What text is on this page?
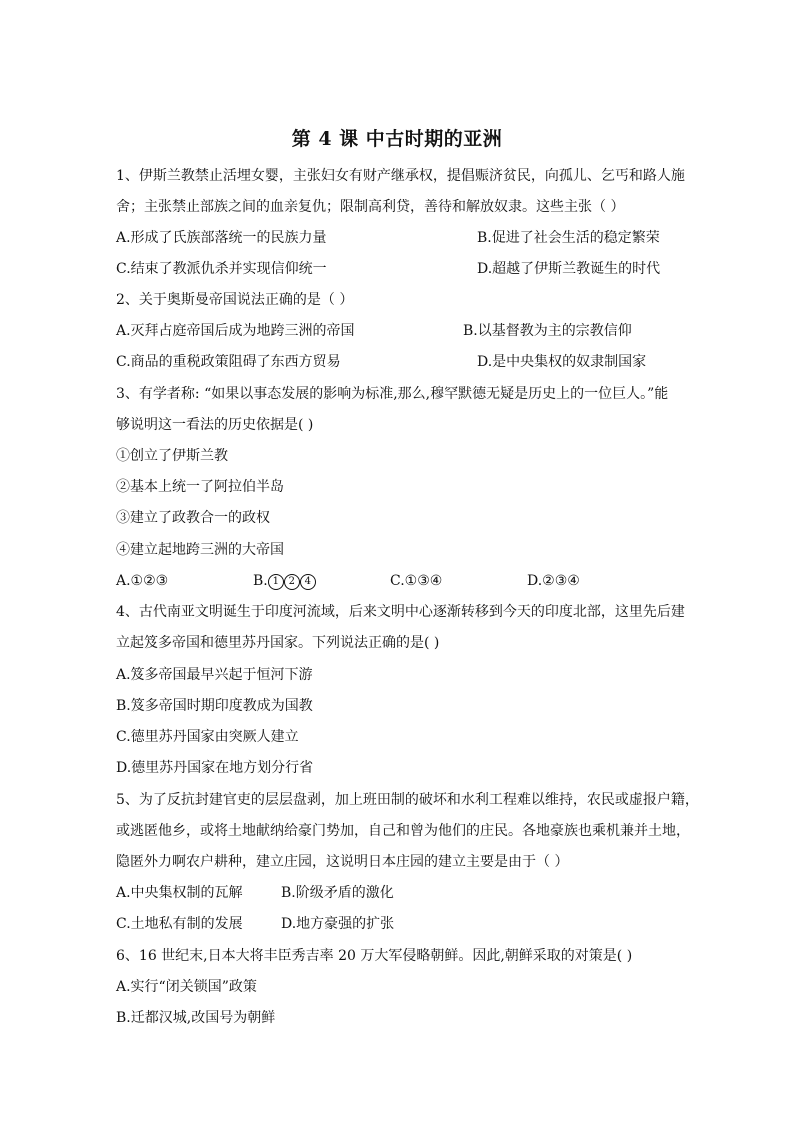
第 4 课 中古时期的亚洲
1、伊斯兰教禁止活埋女婴，主张妇女有财产继承权，提倡赈济贫民，向孤儿、乞丐和路人施
舍；主张禁止部族之间的血亲复仇；限制高利贷，善待和解放奴隶。这些主张（ ）
A.形成了氏族部落统一的民族力量	B.促进了社会生活的稳定繁荣
C.结束了教派仇杀并实现信仰统一	D.超越了伊斯兰教诞生的时代
2、关于奥斯曼帝国说法正确的是（ ）
A.灭拜占庭帝国后成为地跨三洲的帝国	B.以基督教为主的宗教信仰
C.商品的重税政策阻碍了东西方贸易	D.是中央集权的奴隶制国家
3、有学者称: “如果以事态发展的影响为标准,那么,穆罕默德无疑是历史上的一位巨人。”能
够说明这一看法的历史依据是( )
①创立了伊斯兰教
②基本上统一了阿拉伯半岛
③建立了政教合一的政权
④建立起地跨三洲的大帝国
A.①②③	B. 1 2 4	C.①③④	D.②③④
4、古代南亚文明诞生于印度河流域，后来文明中心逐渐转移到今天的印度北部，这里先后建
立起笈多帝国和德里苏丹国家。下列说法正确的是( )
A.笈多帝国最早兴起于恒河下游
B.笈多帝国时期印度教成为国教
C.德里苏丹国家由突厥人建立
D.德里苏丹国家在地方划分行省
5、为了反抗封建官吏的层层盘剥，加上班田制的破坏和水利工程难以维持，农民或虚报户籍，
或逃匿他乡，或将土地献纳给豪门势加，自己和曾为他们的庄民。各地豪族也乘机兼并土地，
隐匿外力啊农户耕种，建立庄园，这说明日本庄园的建立主要是由于（ ）
A.中央集权制的瓦解	B.阶级矛盾的激化
C.土地私有制的发展	D.地方豪强的扩张
6、16 世纪末,日本大将丰臣秀吉率 20 万大军侵略朝鲜。因此,朝鲜采取的对策是( )
A.实行“闭关锁国”政策
B.迁都汉城,改国号为朝鲜
